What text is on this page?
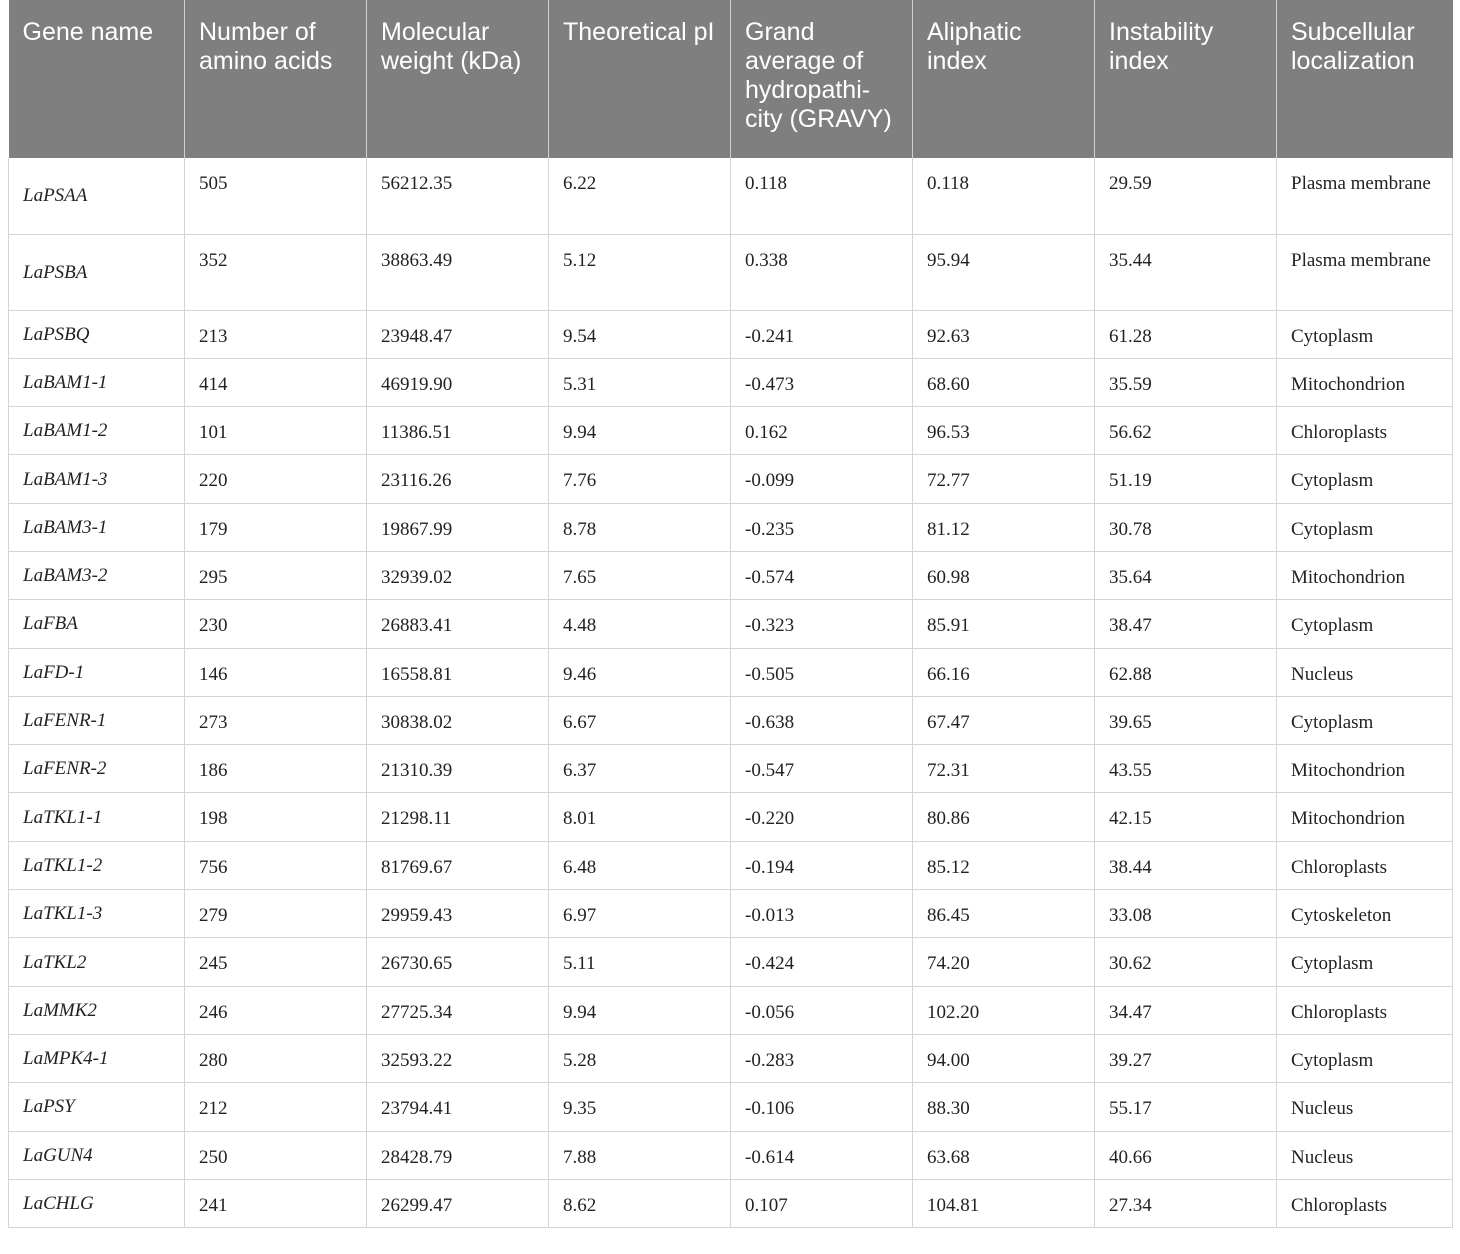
Gene name	Number of amino acids	Molecular weight (kDa)	Theoretical pI	Grand average of hydropathi-city (GRAVY)	Aliphatic index	Instability index	Subcellular localization
LaPSAA	505	56212.35	6.22	0.118	0.118	29.59	Plasma membrane
LaPSBA	352	38863.49	5.12	0.338	95.94	35.44	Plasma membrane
LaPSBQ	213	23948.47	9.54	-0.241	92.63	61.28	Cytoplasm
LaBAM1-1	414	46919.90	5.31	-0.473	68.60	35.59	Mitochondrion
LaBAM1-2	101	11386.51	9.94	0.162	96.53	56.62	Chloroplasts
LaBAM1-3	220	23116.26	7.76	-0.099	72.77	51.19	Cytoplasm
LaBAM3-1	179	19867.99	8.78	-0.235	81.12	30.78	Cytoplasm
LaBAM3-2	295	32939.02	7.65	-0.574	60.98	35.64	Mitochondrion
LaFBA	230	26883.41	4.48	-0.323	85.91	38.47	Cytoplasm
LaFD-1	146	16558.81	9.46	-0.505	66.16	62.88	Nucleus
LaFENR-1	273	30838.02	6.67	-0.638	67.47	39.65	Cytoplasm
LaFENR-2	186	21310.39	6.37	-0.547	72.31	43.55	Mitochondrion
LaTKL1-1	198	21298.11	8.01	-0.220	80.86	42.15	Mitochondrion
LaTKL1-2	756	81769.67	6.48	-0.194	85.12	38.44	Chloroplasts
LaTKL1-3	279	29959.43	6.97	-0.013	86.45	33.08	Cytoskeleton
LaTKL2	245	26730.65	5.11	-0.424	74.20	30.62	Cytoplasm
LaMMK2	246	27725.34	9.94	-0.056	102.20	34.47	Chloroplasts
LaMPK4-1	280	32593.22	5.28	-0.283	94.00	39.27	Cytoplasm
LaPSY	212	23794.41	9.35	-0.106	88.30	55.17	Nucleus
LaGUN4	250	28428.79	7.88	-0.614	63.68	40.66	Nucleus
LaCHLG	241	26299.47	8.62	0.107	104.81	27.34	Chloroplasts
